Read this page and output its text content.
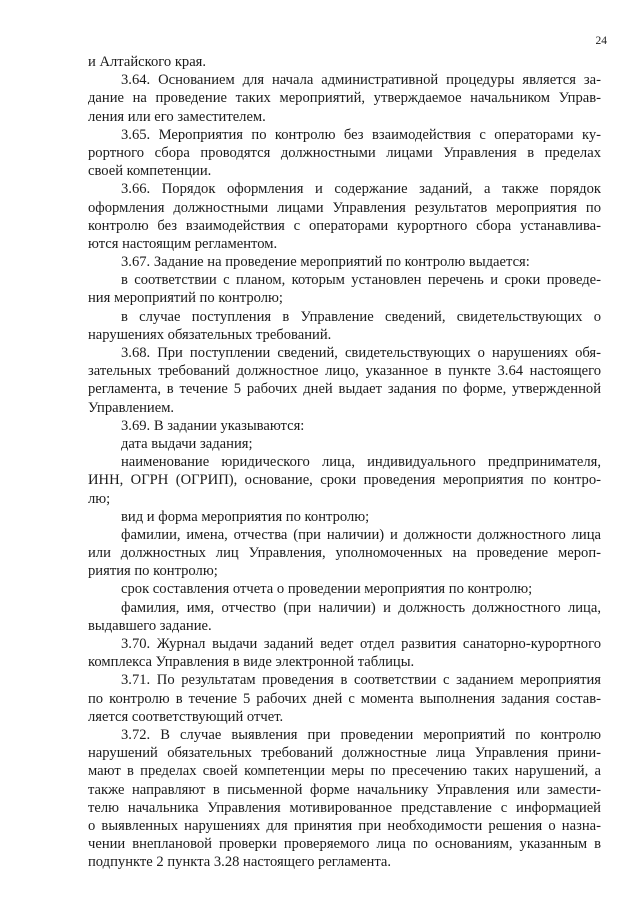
24
и Алтайского края.
3.64. Основанием для начала административной процедуры является за-
дание на проведение таких мероприятий, утверждаемое начальником Управ-
ления или его заместителем.
3.65. Мероприятия по контролю без взаимодействия с операторами ку-
рортного сбора проводятся должностными лицами Управления в пределах
своей компетенции.
3.66. Порядок оформления и содержание заданий, а также порядок
оформления должностными лицами Управления результатов мероприятия по
контролю без взаимодействия с операторами курортного сбора устанавлива-
ются настоящим регламентом.
3.67. Задание на проведение мероприятий по контролю выдается:
в соответствии с планом, которым установлен перечень и сроки проведе-
ния мероприятий по контролю;
в случае поступления в Управление сведений, свидетельствующих о
нарушениях обязательных требований.
3.68. При поступлении сведений, свидетельствующих о нарушениях обя-
зательных требований должностное лицо, указанное в пункте 3.64 настоящего
регламента, в течение 5 рабочих дней выдает задания по форме, утвержденной
Управлением.
3.69. В задании указываются:
дата выдачи задания;
наименование юридического лица, индивидуального предпринимателя,
ИНН, ОГРН (ОГРИП), основание, сроки проведения мероприятия по контро-
лю;
вид и форма мероприятия по контролю;
фамилии, имена, отчества (при наличии) и должности должностного лица
или должностных лиц Управления, уполномоченных на проведение мероп-
риятия по контролю;
срок составления отчета о проведении мероприятия по контролю;
фамилия, имя, отчество (при наличии) и должность должностного лица,
выдавшего задание.
3.70. Журнал выдачи заданий ведет отдел развития санаторно-курортного
комплекса Управления в виде электронной таблицы.
3.71. По результатам проведения в соответствии с заданием мероприятия
по контролю в течение 5 рабочих дней с момента выполнения задания состав-
ляется соответствующий отчет.
3.72. В случае выявления при проведении мероприятий по контролю
нарушений обязательных требований должностные лица Управления прини-
мают в пределах своей компетенции меры по пресечению таких нарушений, а
также направляют в письменной форме начальнику Управления или замести-
телю начальника Управления мотивированное представление с информацией
о выявленных нарушениях для принятия при необходимости решения о назна-
чении внеплановой проверки проверяемого лица по основаниям, указанным в
подпункте 2 пункта 3.28 настоящего регламента.
